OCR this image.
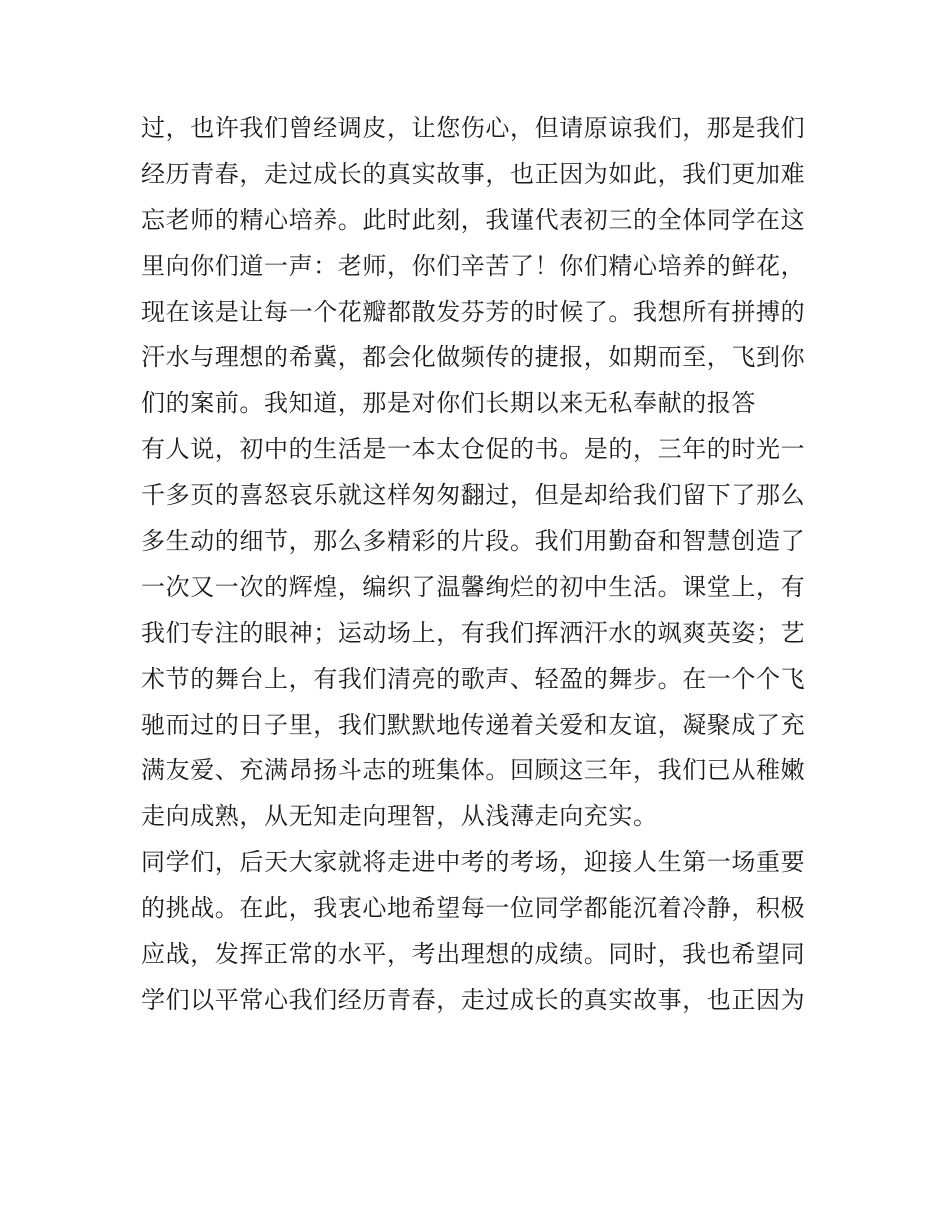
过，也许我们曾经调皮，让您伤心，但请原谅我们，那是我们
经历青春，走过成长的真实故事，也正因为如此，我们更加难
忘老师的精心培养。此时此刻，我谨代表初三的全体同学在这
里向你们道一声：老师，你们辛苦了！你们精心培养的鲜花，
现在该是让每一个花瓣都散发芬芳的时候了。我想所有拼搏的
汗水与理想的希冀，都会化做频传的捷报，如期而至，飞到你
们的案前。我知道，那是对你们长期以来无私奉献的报答
有人说，初中的生活是一本太仓促的书。是的，三年的时光一
千多页的喜怒哀乐就这样匆匆翻过，但是却给我们留下了那么
多生动的细节，那么多精彩的片段。我们用勤奋和智慧创造了
一次又一次的辉煌，编织了温馨绚烂的初中生活。课堂上，有
我们专注的眼神；运动场上，有我们挥洒汗水的飒爽英姿；艺
术节的舞台上，有我们清亮的歌声、轻盈的舞步。在一个个飞
驰而过的日子里，我们默默地传递着关爱和友谊，凝聚成了充
满友爱、充满昂扬斗志的班集体。回顾这三年，我们已从稚嫩
走向成熟，从无知走向理智，从浅薄走向充实。
同学们，后天大家就将走进中考的考场，迎接人生第一场重要
的挑战。在此，我衷心地希望每一位同学都能沉着冷静，积极
应战，发挥正常的水平，考出理想的成绩。同时，我也希望同
学们以平常心我们经历青春，走过成长的真实故事，也正因为
